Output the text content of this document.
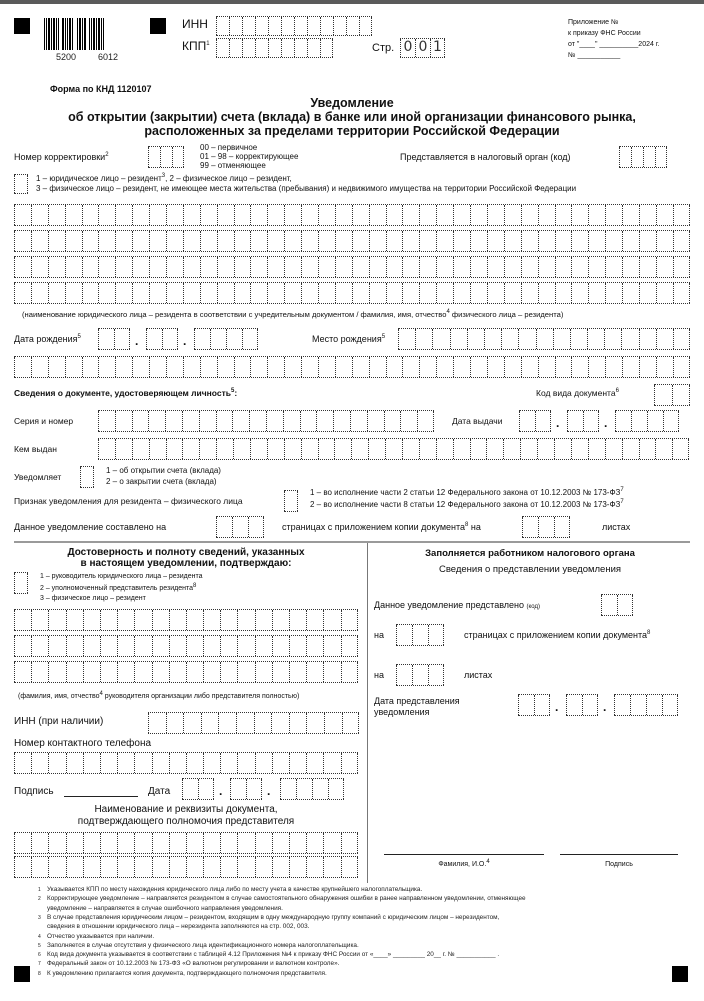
5200 6012
ИНН
КПП$^1$	Стр. 0 0 1
Приложение №
к приказу ФНС России
от "____" __________2024 г.
№ ___________
Форма по КНД 1120107
Уведомление
об открытии (закрытии) счета (вклада) в банке или иной организации финансового рынка,
расположенных за пределами территории Российской Федерации
Номер корректировки$^2$
00 – первичное
01 – 98 – корректирующее
99 – отменяющее
Представляется в налоговый орган (код)
1 – юридическое лицо – резидент$^3$, 2 – физическое лицо – резидент,
3 – физическое лицо – резидент, не имеющее места жительства (пребывания) и недвижимого имущества на территории Российской Федерации
(наименование юридического лица – резидента в соответствии с учредительным документом / фамилия, имя, отчество$^4$ физического лица – резидента)
Дата рождения$^5$	.	.	Место рождения$^5$
Сведения о документе, удостоверяющем личность$^5$:	Код вида документа$^6$
Серия и номер	Дата выдачи	.	.
Кем выдан
Уведомляет
1 – об открытии счета (вклада)
2 – о закрытии счета (вклада)
Признак уведомления для резидента – физического лица
1 – во исполнение части 2 статьи 12 Федерального закона от 10.12.2003 № $173-ФЗ^7$
2 – во исполнение части 8 статьи 12 Федерального закона от 10.12.2003 № $173-ФЗ^7$
Данное уведомление составлено на	страницах с приложением копии документа$^8$ на	листах
Достоверность и полноту сведений, указанных
в настоящем уведомлении, подтверждаю:
1 – руководитель юридического лица – резидента
2 – уполномоченный представитель резидента$^8$
3 – физическое лицо – резидент
(фамилия, имя, отчество$^4$ руководителя организации либо представителя полностью)
ИНН (при наличии)
Номер контактного телефона
Подпись	Дата	.	.
Наименование и реквизиты документа,
подтверждающего полномочия представителя
Заполняется работником налогового органа
Сведения о представлении уведомления
Данное уведомление представлено (код)
на	страницах с приложением копии документа$^8$
на	листах
Дата представления
уведомления	.	.
Фамилия, И.О.$^4$	Подпись
1 Указывается КПП по месту нахождения юридического лица либо по месту учета в качестве крупнейшего налогоплательщика.
2 Корректирующее уведомление – направляется резидентом в случае самостоятельного обнаружения ошибки в ранее направленном уведомлении, отменяющее
уведомление – направляется в случае ошибочного направления уведомления.
3 В случае представления юридическим лицом – резидентом, входящим в одну международную группу компаний с юридическим лицом – нерезидентом,
сведения в отношении юридического лица – нерезидента заполняются на стр. 002, 003.
4 Отчество указывается при наличии.
5 Заполняется в случае отсутствия у физического лица идентификационного номера налогоплательщика.
6 Код вида документа указывается в соответствии с таблицей 4.12 Приложения №4 к приказу ФНС России от «____» _________ 20__ г. № ___________ .
7 Федеральный закон от 10.12.2003 № 173-ФЗ «О валютном регулировании и валютном контроле».
8 К уведомлению прилагается копия документа, подтверждающего полномочия представителя.
